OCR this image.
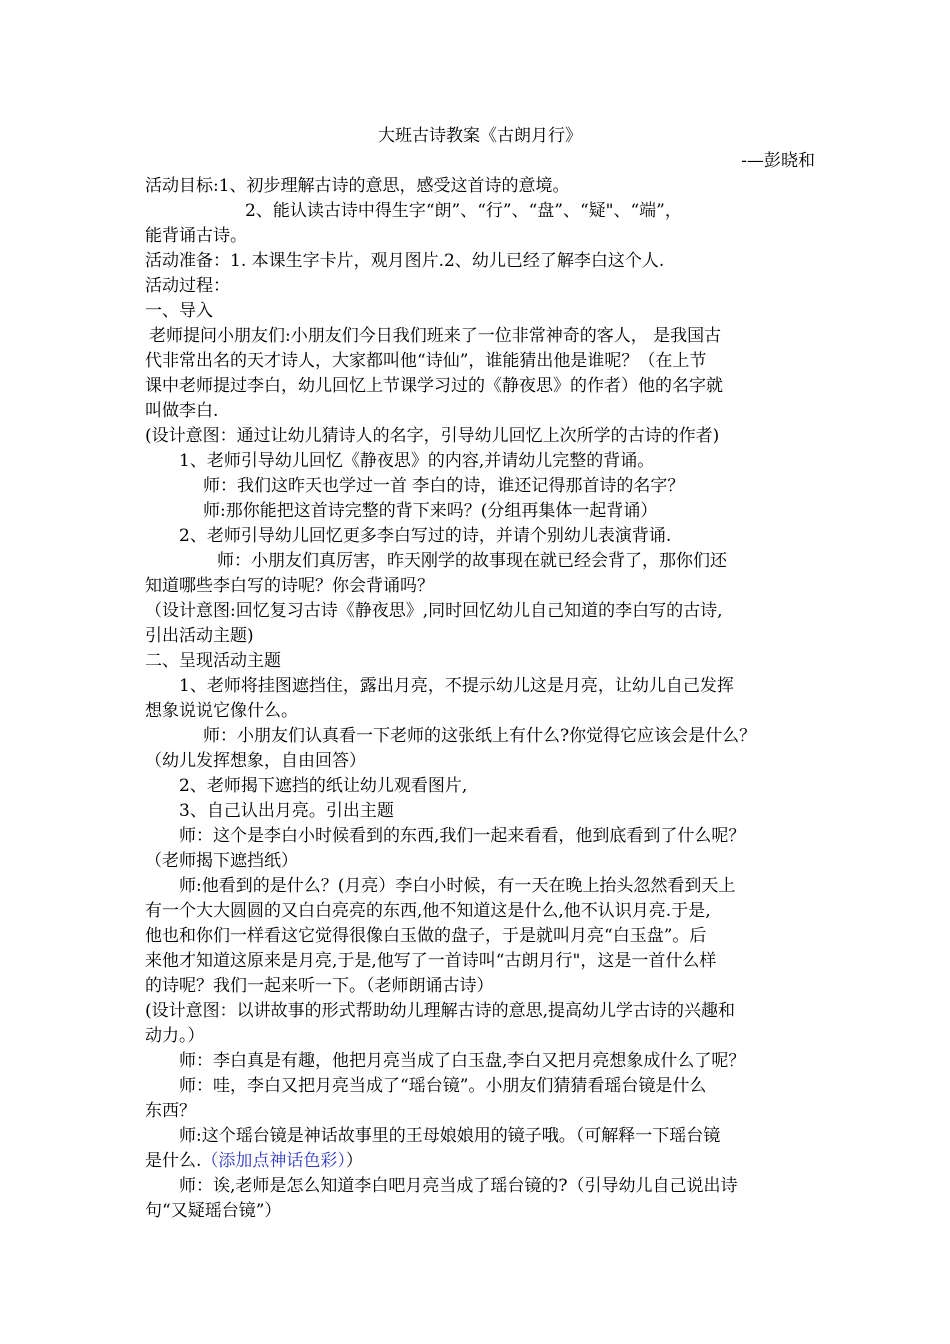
大班古诗教案《古朗月行》
-—彭晓和
活动目标:1、初步理解古诗的意思，感受这首诗的意境。
2、能认读古诗中得生字“朗”、“行”、“盘”、“疑"、“端”，
能背诵古诗。
活动准备：1. 本课生字卡片，观月图片.2、幼儿已经了解李白这个人.
活动过程：
一、导入
老师提问小朋友们:小朋友们今日我们班来了一位非常神奇的客人， 是我国古
代非常出名的天才诗人，大家都叫他“诗仙”，谁能猜出他是谁呢？（在上节
课中老师提过李白，幼儿回忆上节课学习过的《静夜思》的作者）他的名字就
叫做李白.
(设计意图：通过让幼儿猜诗人的名字，引导幼儿回忆上次所学的古诗的作者)
1、老师引导幼儿回忆《静夜思》的内容,并请幼儿完整的背诵。
师：我们这昨天也学过一首 李白的诗，谁还记得那首诗的名字？
师:那你能把这首诗完整的背下来吗？(分组再集体一起背诵）
2、老师引导幼儿回忆更多李白写过的诗，并请个别幼儿表演背诵.
师：小朋友们真厉害，昨天刚学的故事现在就已经会背了，那你们还
知道哪些李白写的诗呢？你会背诵吗？
（设计意图:回忆复习古诗《静夜思》,同时回忆幼儿自己知道的李白写的古诗,
引出活动主题)
二、呈现活动主题
1、老师将挂图遮挡住，露出月亮，不提示幼儿这是月亮，让幼儿自己发挥
想象说说它像什么。
师：小朋友们认真看一下老师的这张纸上有什么?你觉得它应该会是什么？
（幼儿发挥想象，自由回答）
2、老师揭下遮挡的纸让幼儿观看图片,
3、自己认出月亮。引出主题
师：这个是李白小时候看到的东西,我们一起来看看，他到底看到了什么呢？
（老师揭下遮挡纸）
师:他看到的是什么？(月亮）李白小时候，有一天在晚上抬头忽然看到天上
有一个大大圆圆的又白白亮亮的东西,他不知道这是什么,他不认识月亮.于是,
他也和你们一样看这它觉得很像白玉做的盘子，于是就叫月亮“白玉盘”。后
来他才知道这原来是月亮,于是,他写了一首诗叫“古朗月行"，这是一首什么样
的诗呢？我们一起来听一下。（老师朗诵古诗）
(设计意图：以讲故事的形式帮助幼儿理解古诗的意思,提高幼儿学古诗的兴趣和
动力。）
师：李白真是有趣，他把月亮当成了白玉盘,李白又把月亮想象成什么了呢？
师：哇，李白又把月亮当成了“瑶台镜”。小朋友们猜猜看瑶台镜是什么
东西？
师:这个瑶台镜是神话故事里的王母娘娘用的镜子哦。（可解释一下瑶台镜
是什么.（添加点神话色彩））
师：诶,老师是怎么知道李白吧月亮当成了瑶台镜的?（引导幼儿自己说出诗
句“又疑瑶台镜”）
